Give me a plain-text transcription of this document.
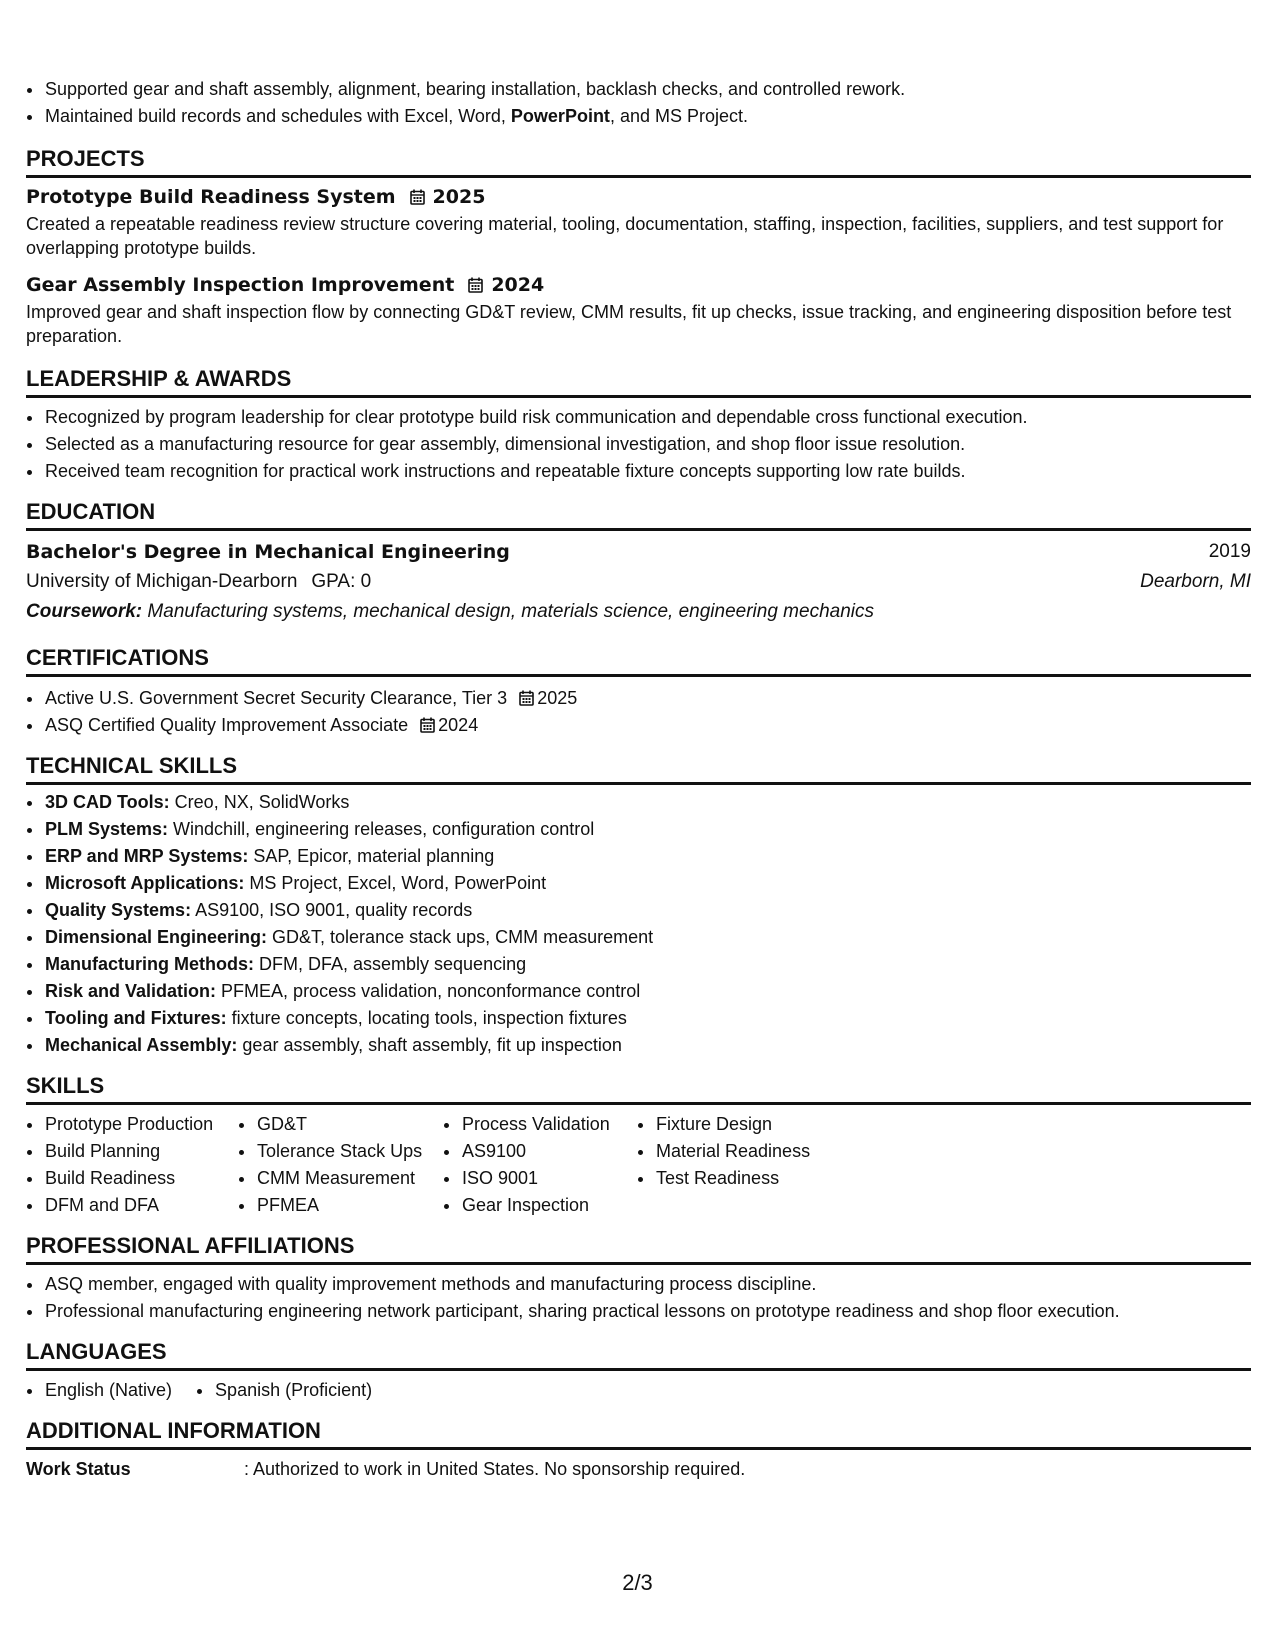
• Supported gear and shaft assembly, alignment, bearing installation, backlash checks, and controlled rework.
• Maintained build records and schedules with Excel, Word, PowerPoint, and MS Project.
PROJECTS
Prototype Build Readiness System 2025
Created a repeatable readiness review structure covering material, tooling, documentation, staffing, inspection, facilities, suppliers, and test support for overlapping prototype builds.
Gear Assembly Inspection Improvement 2024
Improved gear and shaft inspection flow by connecting GD&T review, CMM results, fit up checks, issue tracking, and engineering disposition before test preparation.
LEADERSHIP & AWARDS
• Recognized by program leadership for clear prototype build risk communication and dependable cross functional execution.
• Selected as a manufacturing resource for gear assembly, dimensional investigation, and shop floor issue resolution.
• Received team recognition for practical work instructions and repeatable fixture concepts supporting low rate builds.
EDUCATION
Bachelor's Degree in Mechanical Engineering	2019
University of Michigan-Dearborn GPA: 0	Dearborn, MI
Coursework: Manufacturing systems, mechanical design, materials science, engineering mechanics
CERTIFICATIONS
• Active U.S. Government Secret Security Clearance, Tier 3 2025
• ASQ Certified Quality Improvement Associate 2024
TECHNICAL SKILLS
• 3D CAD Tools: Creo, NX, SolidWorks
• PLM Systems: Windchill, engineering releases, configuration control
• ERP and MRP Systems: SAP, Epicor, material planning
• Microsoft Applications: MS Project, Excel, Word, PowerPoint
• Quality Systems: AS9100, ISO 9001, quality records
• Dimensional Engineering: GD&T, tolerance stack ups, CMM measurement
• Manufacturing Methods: DFM, DFA, assembly sequencing
• Risk and Validation: PFMEA, process validation, nonconformance control
• Tooling and Fixtures: fixture concepts, locating tools, inspection fixtures
• Mechanical Assembly: gear assembly, shaft assembly, fit up inspection
SKILLS
• Prototype Production
• Build Planning
• Build Readiness
• DFM and DFA
• GD&T
• Tolerance Stack Ups
• CMM Measurement
• PFMEA
• Process Validation
• AS9100
• ISO 9001
• Gear Inspection
• Fixture Design
• Material Readiness
• Test Readiness
PROFESSIONAL AFFILIATIONS
• ASQ member, engaged with quality improvement methods and manufacturing process discipline.
• Professional manufacturing engineering network participant, sharing practical lessons on prototype readiness and shop floor execution.
LANGUAGES
• English (Native)
• Spanish (Proficient)
ADDITIONAL INFORMATION
Work Status	: Authorized to work in United States. No sponsorship required.
2/3
